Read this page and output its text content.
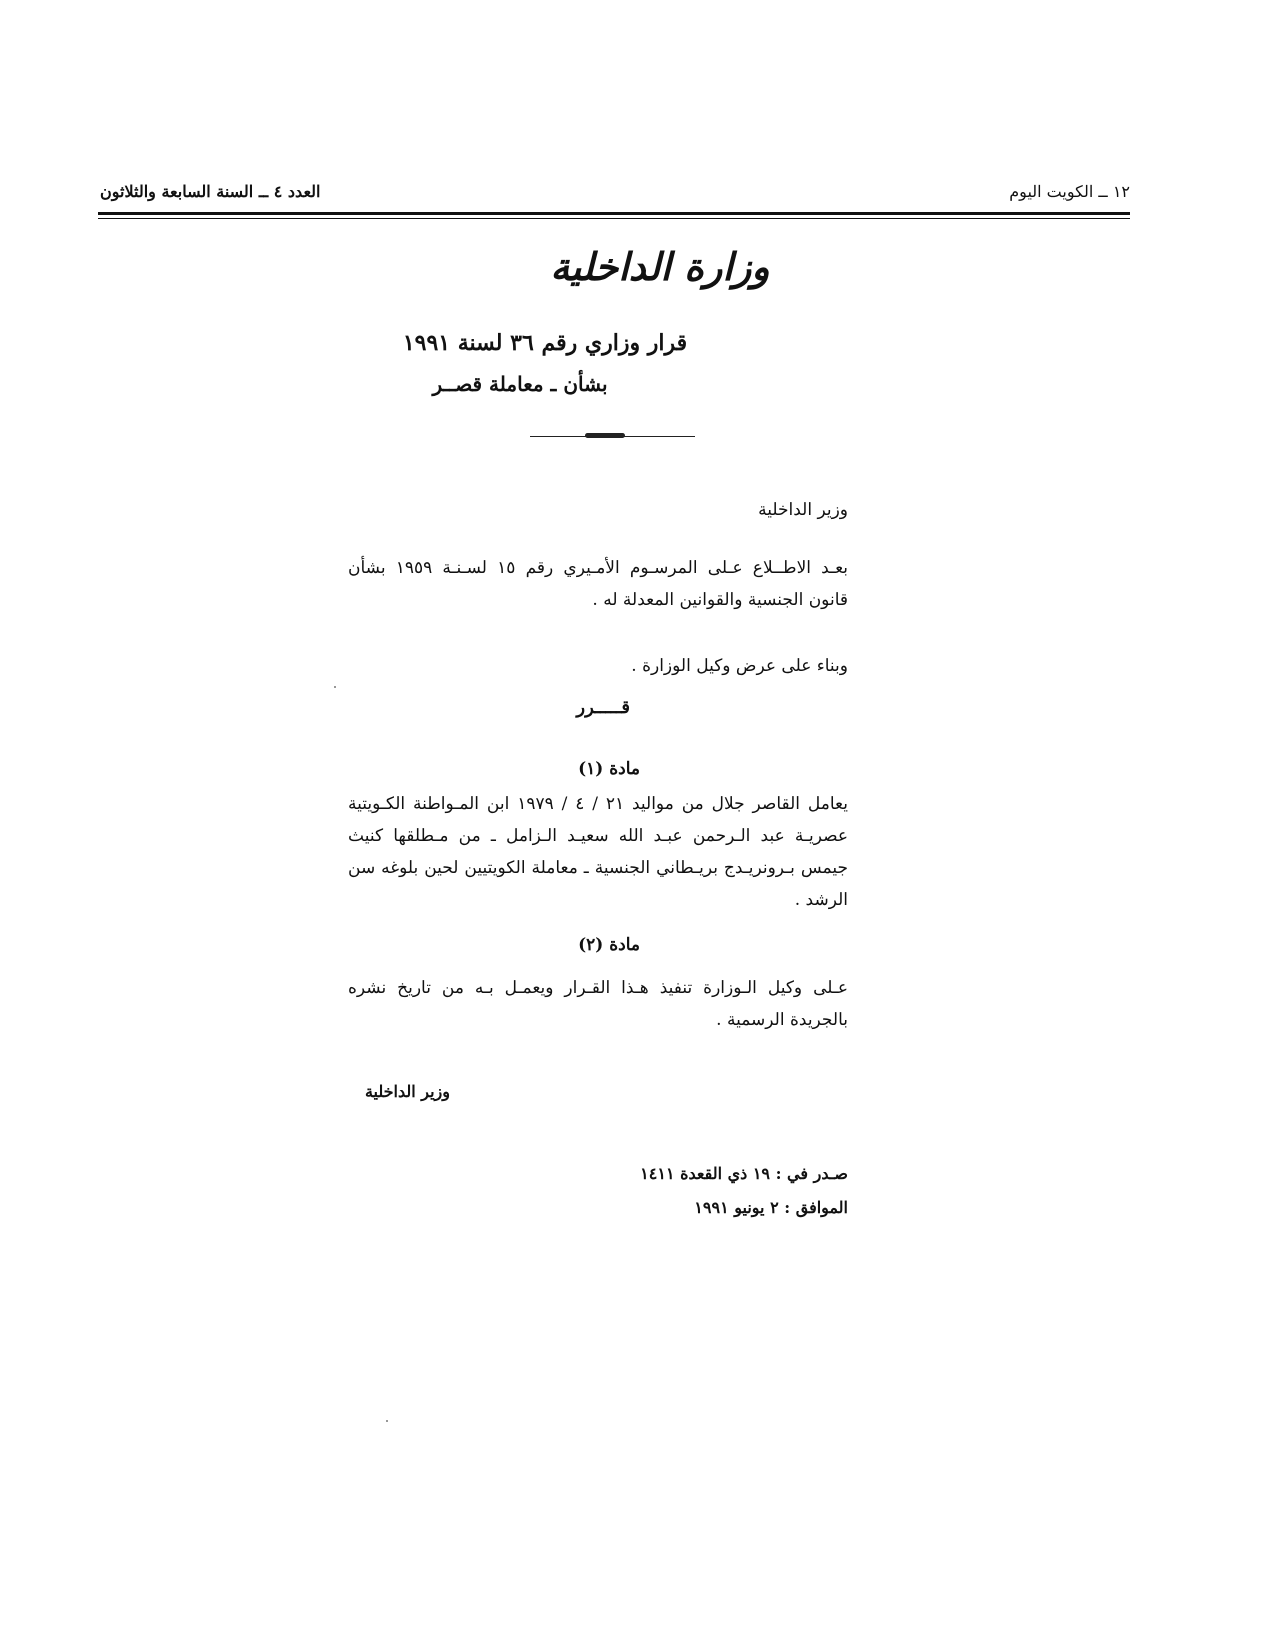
العدد ٤ ــ السنة السابعة والثلاثون	١٢ ــ الكويت اليوم
وزارة الداخلية
قرار وزاري رقم ٣٦ لسنة ١٩٩١
بشأن ـ معاملة قصــر
وزير الداخلية
بعـد الاطــلاع عـلى المرسـوم الأمـيري رقم ١٥ لسـنـة ١٩٥٩ بشأن قانون الجنسية والقوانين المعدلة له .
وبناء على عرض وكيل الوزارة .
قـــــرر
مادة (١)
يعامل القاصر جلال من مواليد ٢١ / ٤ / ١٩٧٩ ابن المـواطنة الكـويتية عصريـة عبد الـرحمن عبـد الله سعيـد الـزامل ـ من مـطلقها كنيث جيمس بـرونريـدج بريـطاني الجنسية ـ معاملة الكويتيين لحين بلوغه سن الرشد .
مادة (٢)
عـلى وكيل الـوزارة تنفيذ هـذا القـرار ويعمـل بـه من تاريخ نشره بالجريدة الرسمية .
وزير الداخلية
صـدر في : ١٩ ذي القعدة ١٤١١
الموافق : ٢ يونيو ١٩٩١
